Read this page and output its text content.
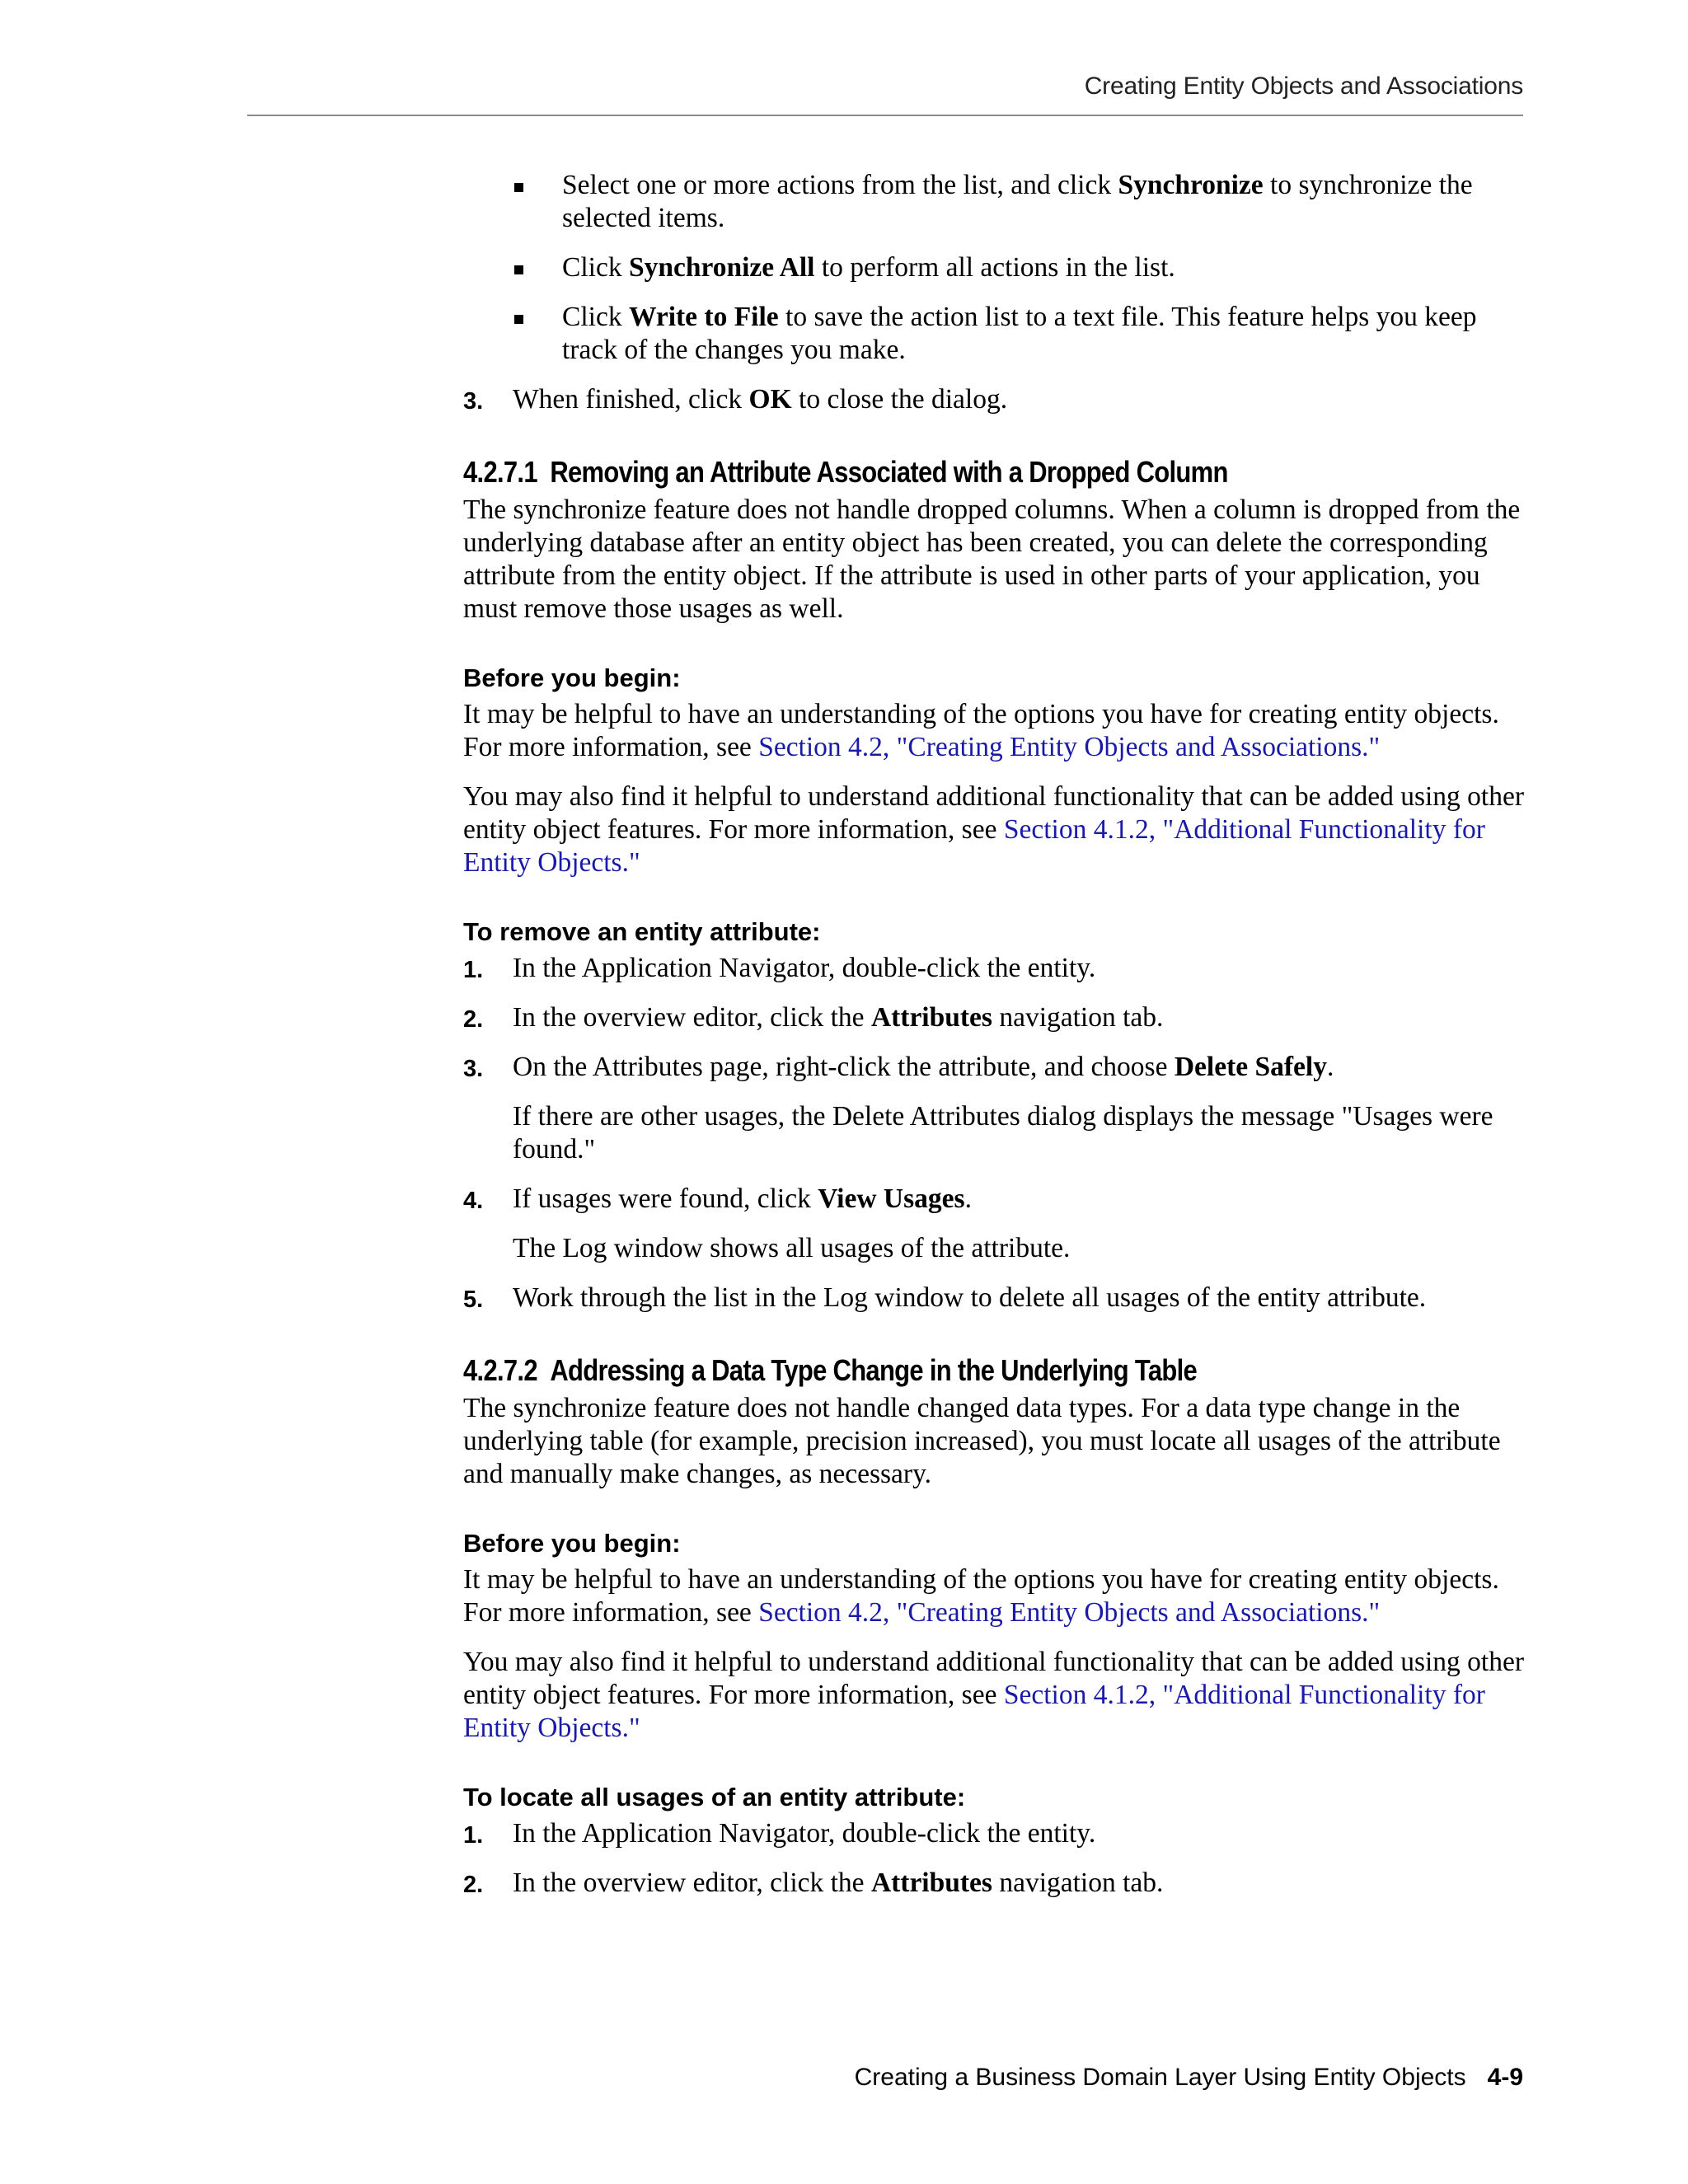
Creating Entity Objects and Associations
Select one or more actions from the list, and click Synchronize to synchronize the selected items.
Click Synchronize All to perform all actions in the list.
Click Write to File to save the action list to a text file. This feature helps you keep track of the changes you make.
3. When finished, click OK to close the dialog.
4.2.7.1 Removing an Attribute Associated with a Dropped Column

The synchronize feature does not handle dropped columns. When a column is dropped from the underlying database after an entity object has been created, you can delete the corresponding attribute from the entity object. If the attribute is used in other parts of your application, you must remove those usages as well.

Before you begin:

It may be helpful to have an understanding of the options you have for creating entity objects. For more information, see Section 4.2, "Creating Entity Objects and Associations."

You may also find it helpful to understand additional functionality that can be added using other entity object features. For more information, see Section 4.1.2, "Additional Functionality for Entity Objects."

To remove an entity attribute:
1. In the Application Navigator, double-click the entity.
2. In the overview editor, click the Attributes navigation tab.
3. On the Attributes page, right-click the attribute, and choose Delete Safely.

If there are other usages, the Delete Attributes dialog displays the message "Usages were found."

4. If usages were found, click View Usages.

The Log window shows all usages of the attribute.

5. Work through the list in the Log window to delete all usages of the entity attribute.
4.2.7.2 Addressing a Data Type Change in the Underlying Table

The synchronize feature does not handle changed data types. For a data type change in the underlying table (for example, precision increased), you must locate all usages of the attribute and manually make changes, as necessary.

Before you begin:

It may be helpful to have an understanding of the options you have for creating entity objects. For more information, see Section 4.2, "Creating Entity Objects and Associations."

You may also find it helpful to understand additional functionality that can be added using other entity object features. For more information, see Section 4.1.2, "Additional Functionality for Entity Objects."

To locate all usages of an entity attribute:
1. In the Application Navigator, double-click the entity.
2. In the overview editor, click the Attributes navigation tab.
Creating a Business Domain Layer Using Entity Objects 4-9
